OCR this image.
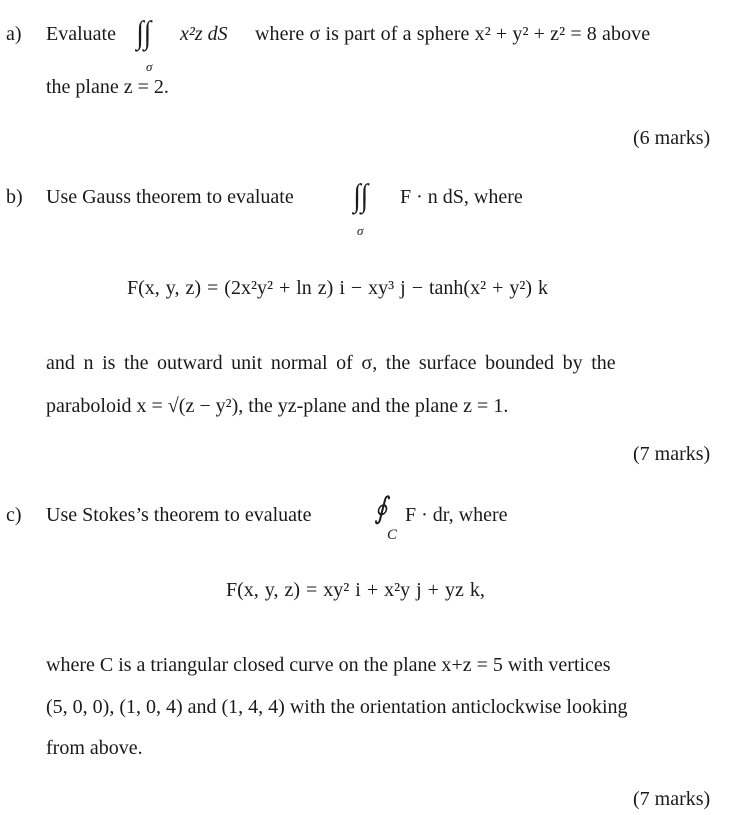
a) Evaluate ∫∫
σ
x²z dS where σ is part of a sphere x² + y² + z² = 8 above
the plane z = 2.
(6 marks)
b) Use Gauss theorem to evaluate ∫∫
σ
F · n dS, where
F(x, y, z) = (2x²y² + ln z) i − xy³ j − tanh(x² + y²) k
and n is the outward unit normal of σ, the surface bounded by the
paraboloid x = √(z − y²), the yz-plane and the plane z = 1.
(7 marks)
c) Use Stokes’s theorem to evaluate ∮
C
F · dr, where
F(x, y, z) = xy² i + x²y j + yz k,
where C is a triangular closed curve on the plane x+z = 5 with vertices
(5, 0, 0), (1, 0, 4) and (1, 4, 4) with the orientation anticlockwise looking
from above.
(7 marks)
